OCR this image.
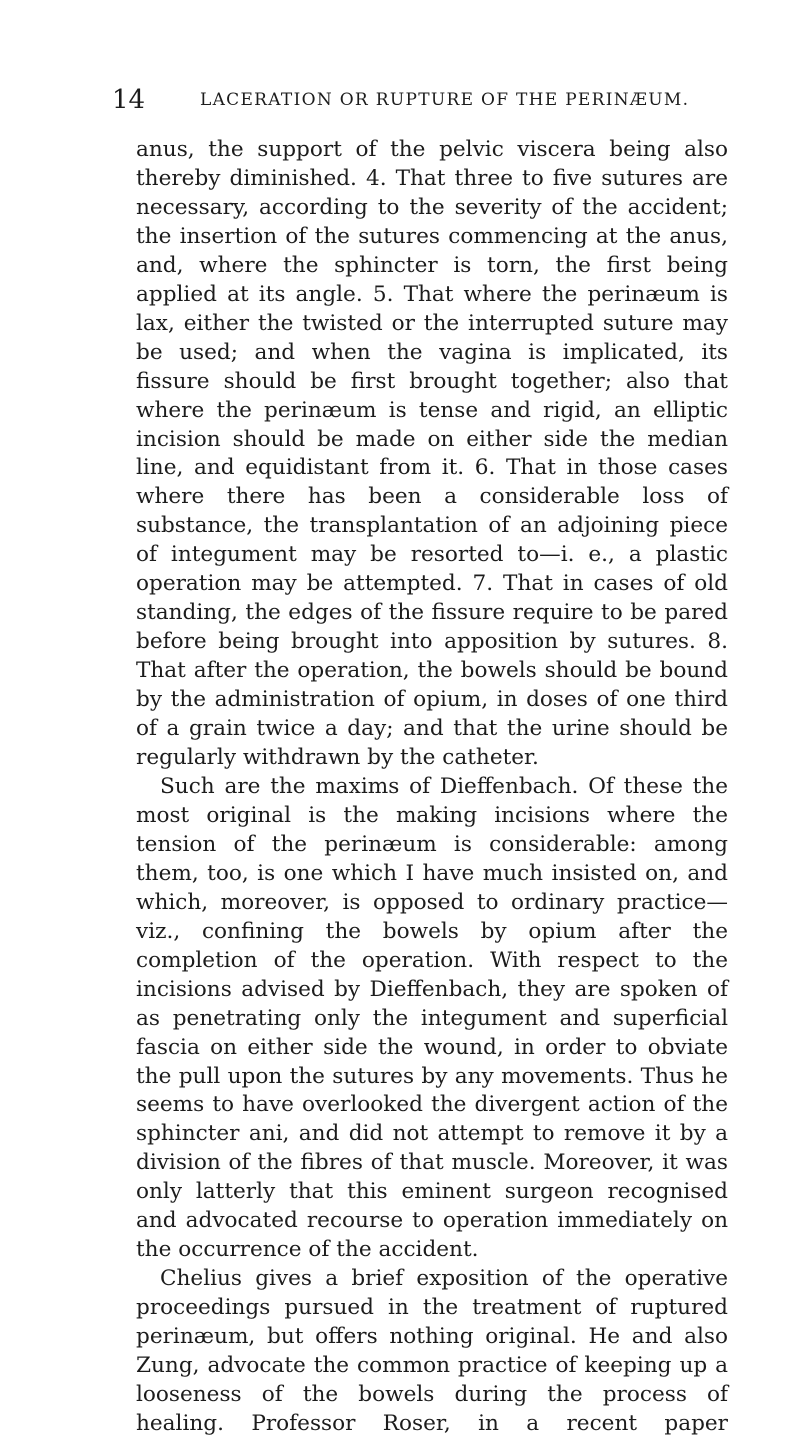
14	LACERATION OR RUPTURE OF THE PERINÆUM.

anus, the support of the pelvic viscera being also thereby diminished. 4. That three to five sutures are necessary, according to the severity of the accident; the insertion of the sutures commencing at the anus, and, where the sphincter is torn, the first being applied at its angle. 5. That where the perinæum is lax, either the twisted or the interrupted suture may be used; and when the vagina is implicated, its fissure should be first brought together; also that where the perinæum is tense and rigid, an elliptic incision should be made on either side the median line, and equidistant from it. 6. That in those cases where there has been a considerable loss of substance, the transplantation of an adjoining piece of integument may be resorted to—i. e., a plastic operation may be attempted. 7. That in cases of old standing, the edges of the fissure require to be pared before being brought into apposition by sutures. 8. That after the operation, the bowels should be bound by the administration of opium, in doses of one third of a grain twice a day; and that the urine should be regularly withdrawn by the catheter.

Such are the maxims of Dieffenbach. Of these the most original is the making incisions where the tension of the perinæum is considerable: among them, too, is one which I have much insisted on, and which, moreover, is opposed to ordinary practice—viz., confining the bowels by opium after the completion of the operation. With respect to the incisions advised by Dieffenbach, they are spoken of as penetrating only the integument and superficial fascia on either side the wound, in order to obviate the pull upon the sutures by any movements. Thus he seems to have overlooked the divergent action of the sphincter ani, and did not attempt to remove it by a division of the fibres of that muscle. Moreover, it was only latterly that this eminent surgeon recognised and advocated recourse to operation immediately on the occurrence of the accident.

Chelius gives a brief exposition of the operative proceedings pursued in the treatment of ruptured perinæum, but offers nothing original. He and also Zung, advocate the common practice of keeping up a looseness of the bowels during the process of healing. Professor Roser, in a recent paper
